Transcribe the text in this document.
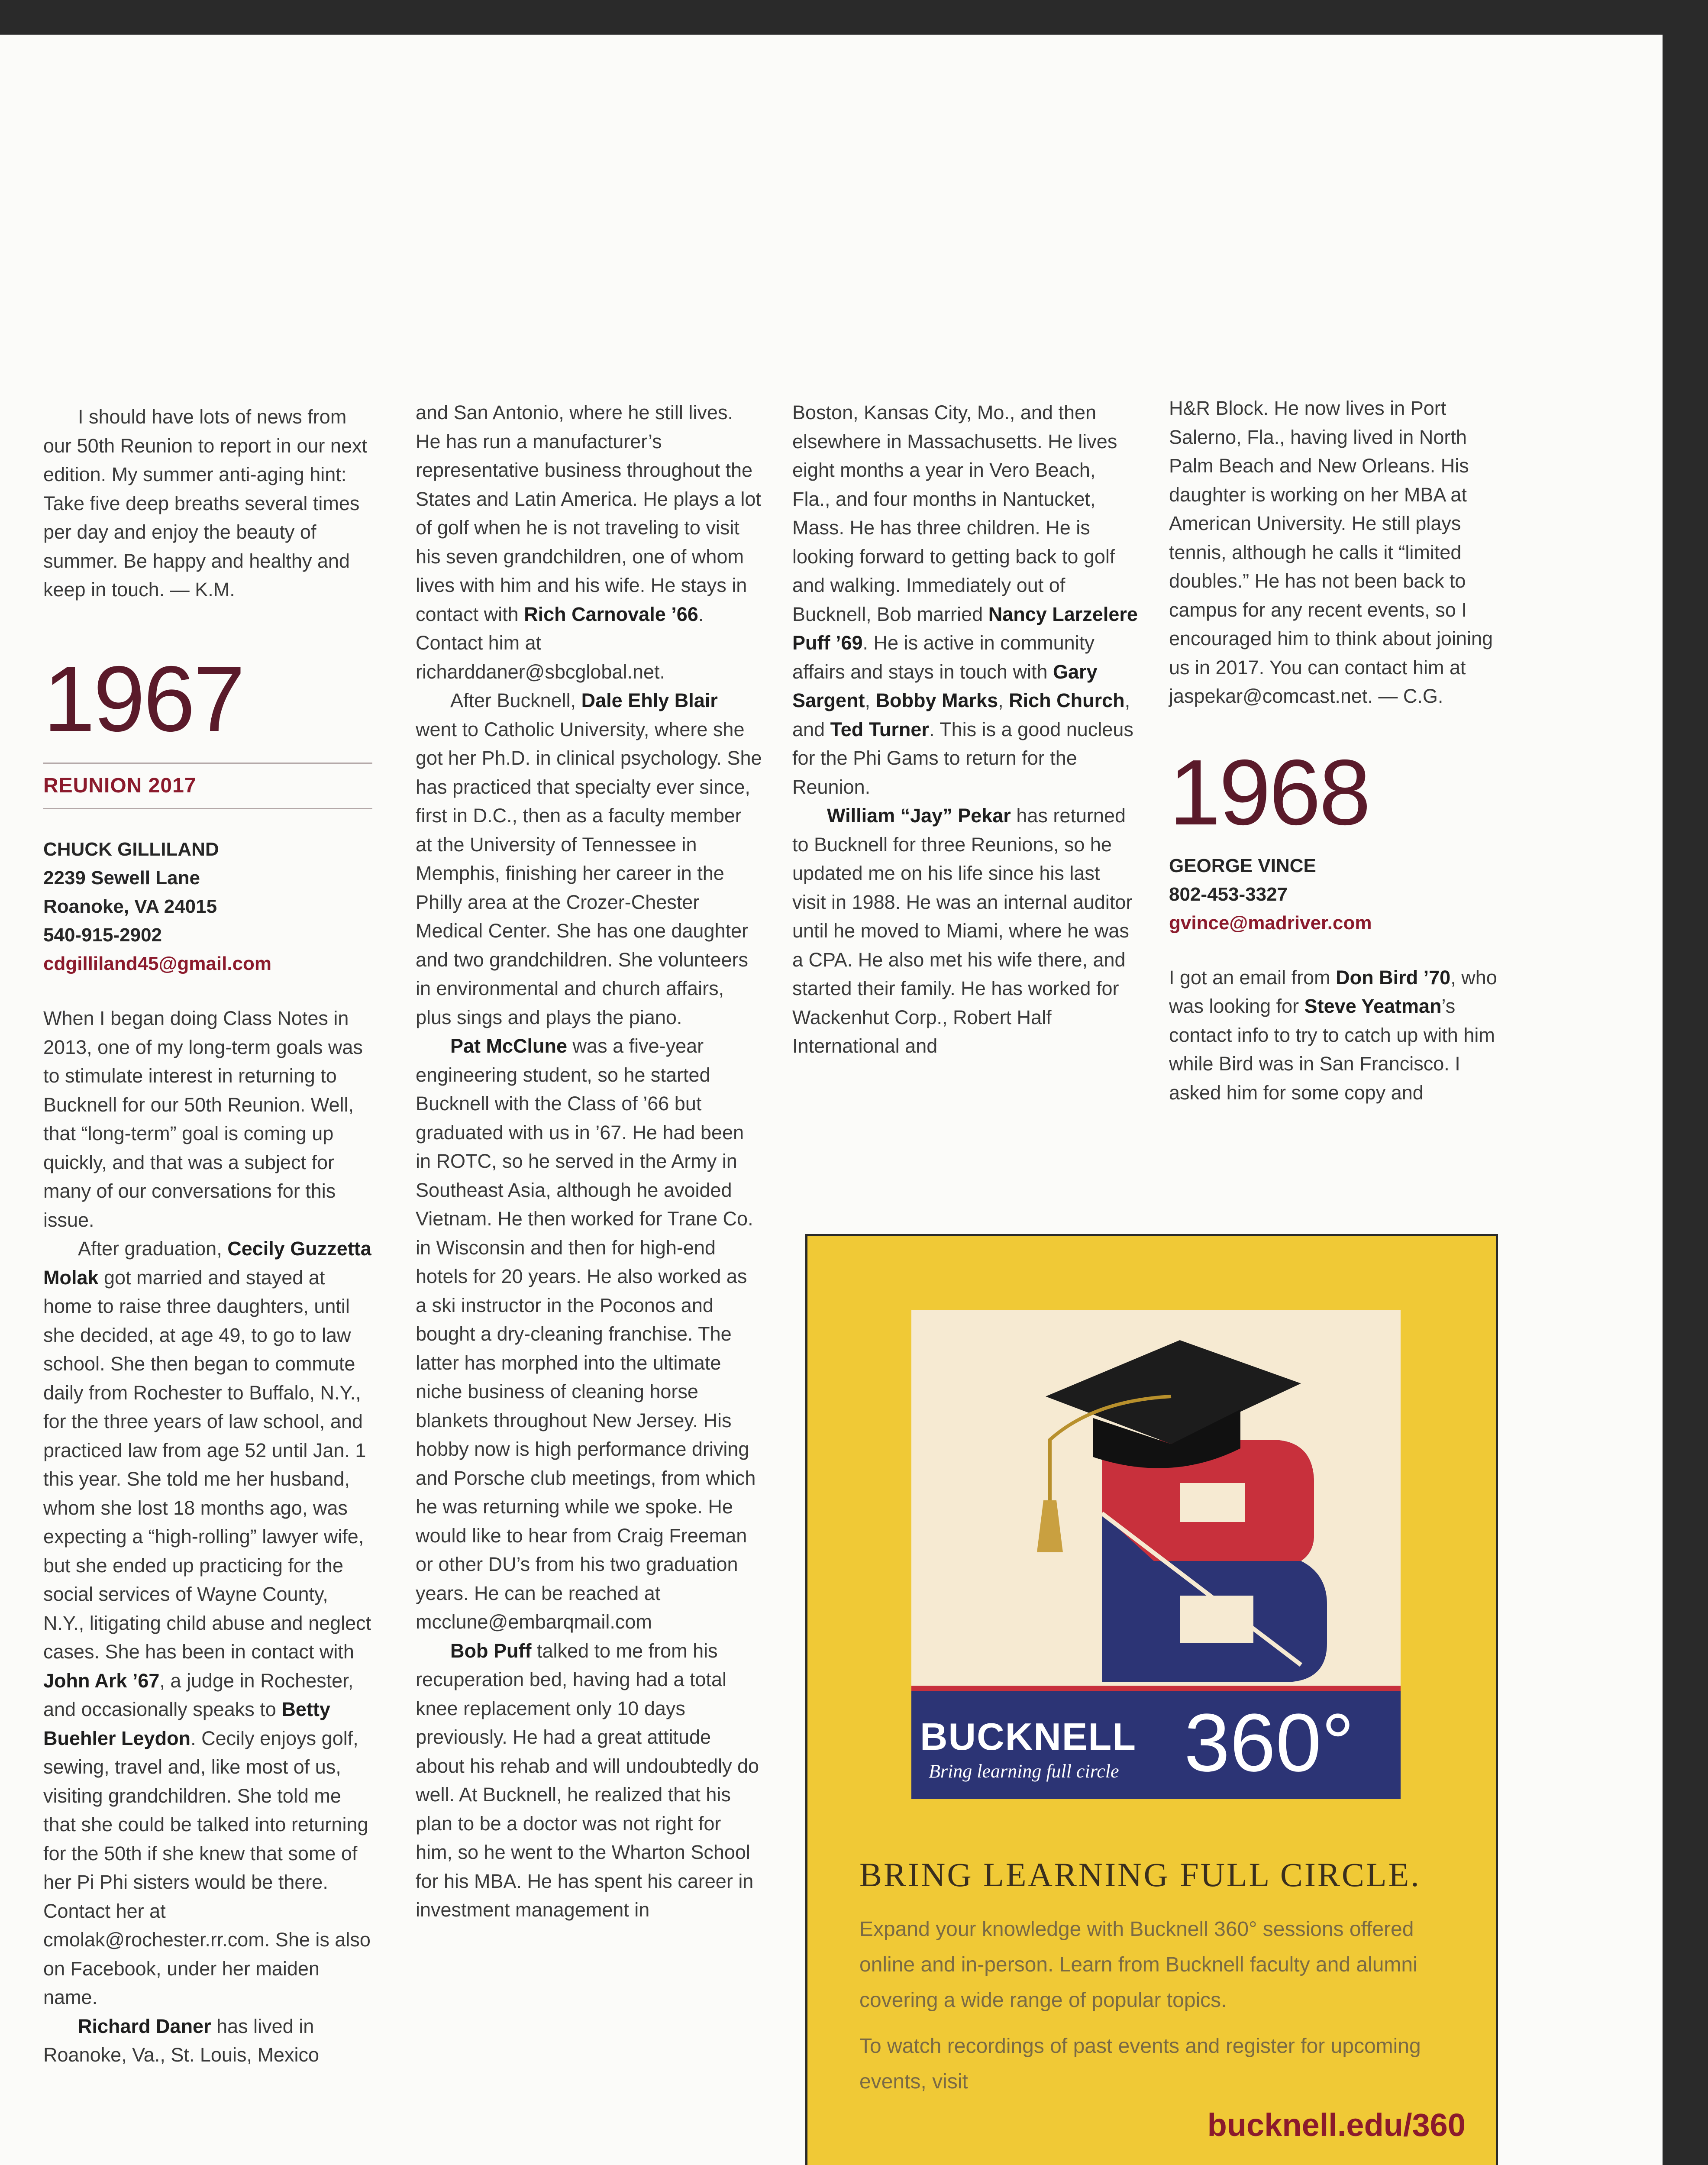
I should have lots of news from our 50th Reunion to report in our next edition. My summer anti-aging hint: Take five deep breaths several times per day and enjoy the beauty of summer. Be happy and healthy and keep in touch. — K.M.

1967
REUNION 2017
CHUCK GILLILAND
2239 Sewell Lane
Roanoke, VA 24015
540-915-2902
cdgilliland45@gmail.com

When I began doing Class Notes in 2013, one of my long-term goals was to stimulate interest in returning to Bucknell for our 50th Reunion. Well, that “long-term” goal is coming up quickly, and that was a subject for many of our conversations for this issue.

After graduation, Cecily Guzzetta Molak got married and stayed at home to raise three daughters, until she decided, at age 49, to go to law school. She then began to commute daily from Rochester to Buffalo, N.Y., for the three years of law school, and practiced law from age 52 until Jan. 1 this year. She told me her husband, whom she lost 18 months ago, was expecting a “high-rolling” lawyer wife, but she ended up practicing for the social services of Wayne County, N.Y., litigating child abuse and neglect cases. She has been in contact with John Ark ’67, a judge in Rochester, and occasionally speaks to Betty Buehler Leydon. Cecily enjoys golf, sewing, travel and, like most of us, visiting grandchildren. She told me that she could be talked into returning for the 50th if she knew that some of her Pi Phi sisters would be there. Contact her at cmolak@rochester.rr.com. She is also on Facebook, under her maiden name.

Richard Daner has lived in Roanoke, Va., St. Louis, Mexico

and San Antonio, where he still lives. He has run a manufacturer’s representative business throughout the States and Latin America. He plays a lot of golf when he is not traveling to visit his seven grandchildren, one of whom lives with him and his wife. He stays in contact with Rich Carnovale ’66. Contact him at richarddaner@sbcglobal.net.

After Bucknell, Dale Ehly Blair went to Catholic University, where she got her Ph.D. in clinical psychology. She has practiced that specialty ever since, first in D.C., then as a faculty member at the University of Tennessee in Memphis, finishing her career in the Philly area at the Crozer-Chester Medical Center. She has one daughter and two grandchildren. She volunteers in environmental and church affairs, plus sings and plays the piano.

Pat McClune was a five-year engineering student, so he started Bucknell with the Class of ’66 but graduated with us in ’67. He had been in ROTC, so he served in the Army in Southeast Asia, although he avoided Vietnam. He then worked for Trane Co. in Wisconsin and then for high-end hotels for 20 years. He also worked as a ski instructor in the Poconos and bought a dry-cleaning franchise. The latter has morphed into the ultimate niche business of cleaning horse blankets throughout New Jersey. His hobby now is high performance driving and Porsche club meetings, from which he was returning while we spoke. He would like to hear from Craig Freeman or other DU’s from his two graduation years. He can be reached at mcclune@embarqmail.com

Bob Puff talked to me from his recuperation bed, having had a total knee replacement only 10 days previously. He had a great attitude about his rehab and will undoubtedly do well. At Bucknell, he realized that his plan to be a doctor was not right for him, so he went to the Wharton School for his MBA. He has spent his career in investment management in

Boston, Kansas City, Mo., and then elsewhere in Massachusetts. He lives eight months a year in Vero Beach, Fla., and four months in Nantucket, Mass. He has three children. He is looking forward to getting back to golf and walking. Immediately out of Bucknell, Bob married Nancy Larzelere Puff ’69. He is active in community affairs and stays in touch with Gary Sargent, Bobby Marks, Rich Church, and Ted Turner. This is a good nucleus for the Phi Gams to return for the Reunion.

William “Jay” Pekar has returned to Bucknell for three Reunions, so he updated me on his life since his last visit in 1988. He was an internal auditor until he moved to Miami, where he was a CPA. He also met his wife there, and started their family. He has worked for Wackenhut Corp., Robert Half International and

H&R Block. He now lives in Port Salerno, Fla., having lived in North Palm Beach and New Orleans. His daughter is working on her MBA at American University. He still plays tennis, although he calls it “limited doubles.” He has not been back to campus for any recent events, so I encouraged him to think about joining us in 2017. You can contact him at jaspekar@comcast.net. — C.G.

1968
GEORGE VINCE
802-453-3327
gvince@madriver.com

I got an email from Don Bird ’70, who was looking for Steve Yeatman’s contact info to try to catch up with him while Bird was in San Francisco. I asked him for some copy and

BUCKNELL
Bring learning full circle 360°
BRING LEARNING FULL CIRCLE.
Expand your knowledge with Bucknell 360° sessions offered online and in-person. Learn from Bucknell faculty and alumni covering a wide range of popular topics.
To watch recordings of past events and register for upcoming events, visit
bucknell.edu/360
